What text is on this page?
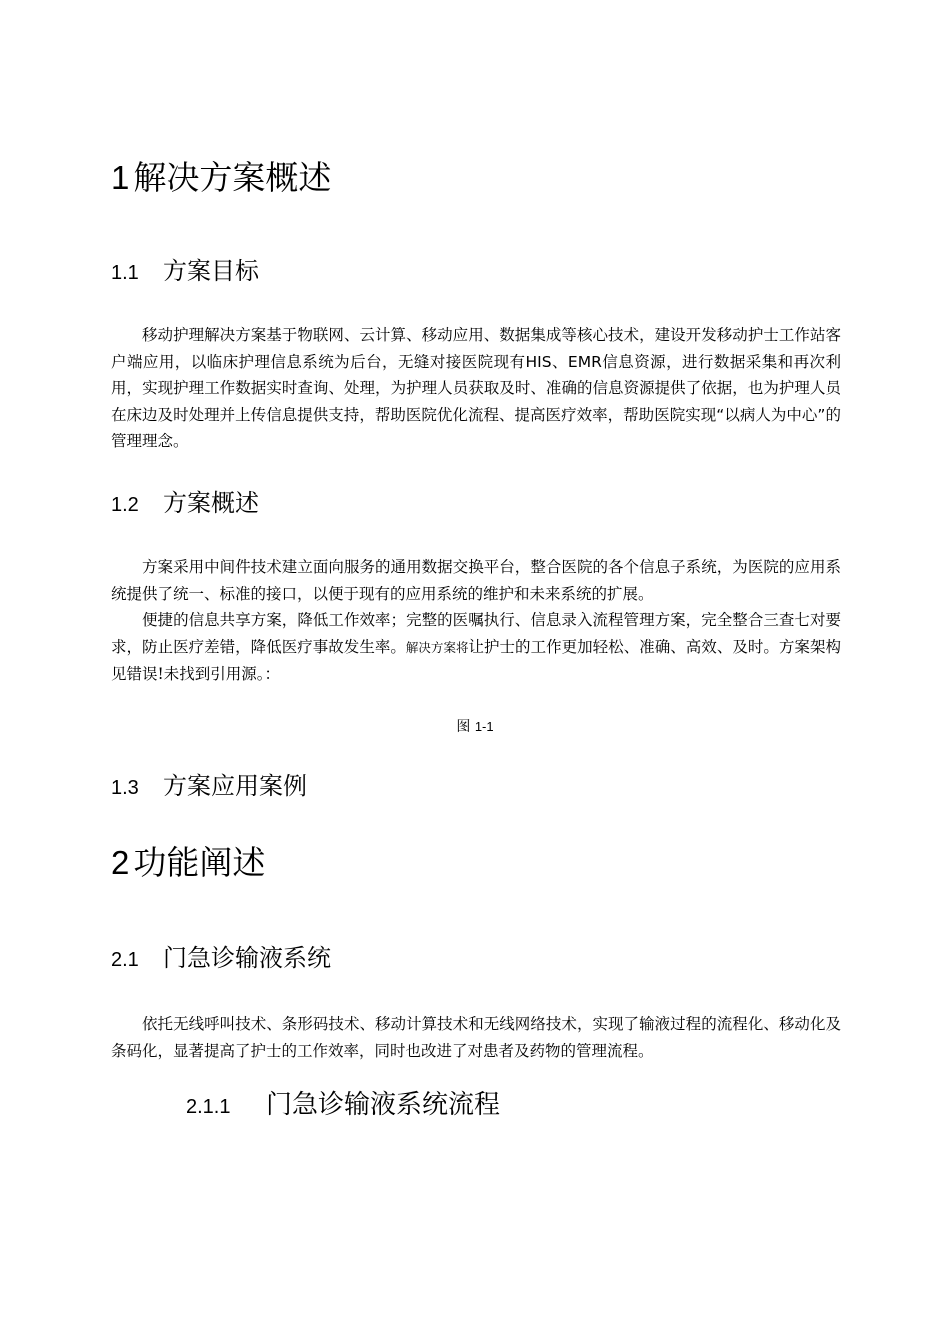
1 解决方案概述
1.1 方案目标

移动护理解决方案基于物联网、云计算、移动应用、数据集成等核心技术，建设开发移动护士工作站客户端应用，以临床护理信息系统为后台，无缝对接医院现有HIS、EMR信息资源，进行数据采集和再次利用，实现护理工作数据实时查询、处理，为护理人员获取及时、准确的信息资源提供了依据，也为护理人员在床边及时处理并上传信息提供支持，帮助医院优化流程、提高医疗效率，帮助医院实现“以病人为中心”的管理理念。

1.2 方案概述

方案采用中间件技术建立面向服务的通用数据交换平台，整合医院的各个信息子系统，为医院的应用系统提供了统一、标准的接口，以便于现有的应用系统的维护和未来系统的扩展。

便捷的信息共享方案，降低工作效率；完整的医嘱执行、信息录入流程管理方案，完全整合三查七对要求，防止医疗差错，降低医疗事故发生率。解决方案将让护士的工作更加轻松、准确、高效、及时。方案架构见错误!未找到引用源。：

图 1-1
1.3 方案应用案例
2 功能阐述
2.1 门急诊输液系统

依托无线呼叫技术、条形码技术、移动计算技术和无线网络技术，实现了输液过程的流程化、移动化及条码化，显著提高了护士的工作效率，同时也改进了对患者及药物的管理流程。

2.1.1 门急诊输液系统流程
